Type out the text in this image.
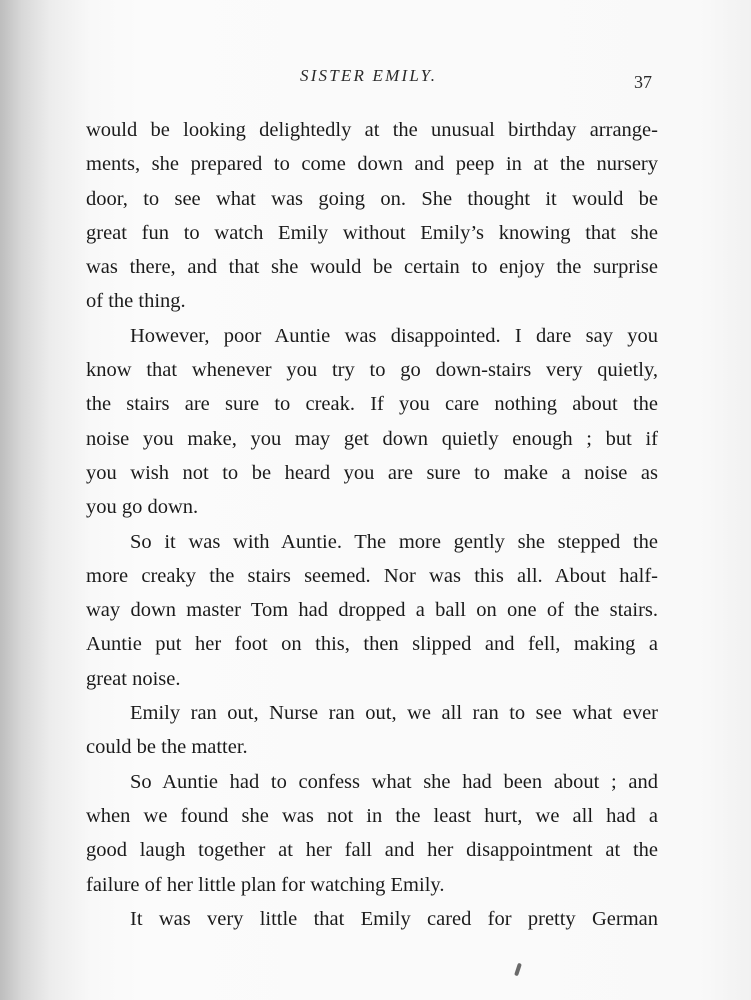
SISTER EMILY.	37
would be looking delightedly at the unusual birthday arrange-
ments, she prepared to come down and peep in at the nursery
door, to see what was going on. She thought it would be
great fun to watch Emily without Emily’s knowing that she
was there, and that she would be certain to enjoy the surprise
of the thing.
However, poor Auntie was disappointed. I dare say you
know that whenever you try to go down-stairs very quietly,
the stairs are sure to creak. If you care nothing about the
noise you make, you may get down quietly enough ; but if
you wish not to be heard you are sure to make a noise as
you go down.
So it was with Auntie. The more gently she stepped the
more creaky the stairs seemed. Nor was this all. About half-
way down master Tom had dropped a ball on one of the stairs.
Auntie put her foot on this, then slipped and fell, making a
great noise.
Emily ran out, Nurse ran out, we all ran to see what ever
could be the matter.
So Auntie had to confess what she had been about ; and
when we found she was not in the least hurt, we all had a
good laugh together at her fall and her disappointment at the
failure of her little plan for watching Emily.
It was very little that Emily cared for pretty German
